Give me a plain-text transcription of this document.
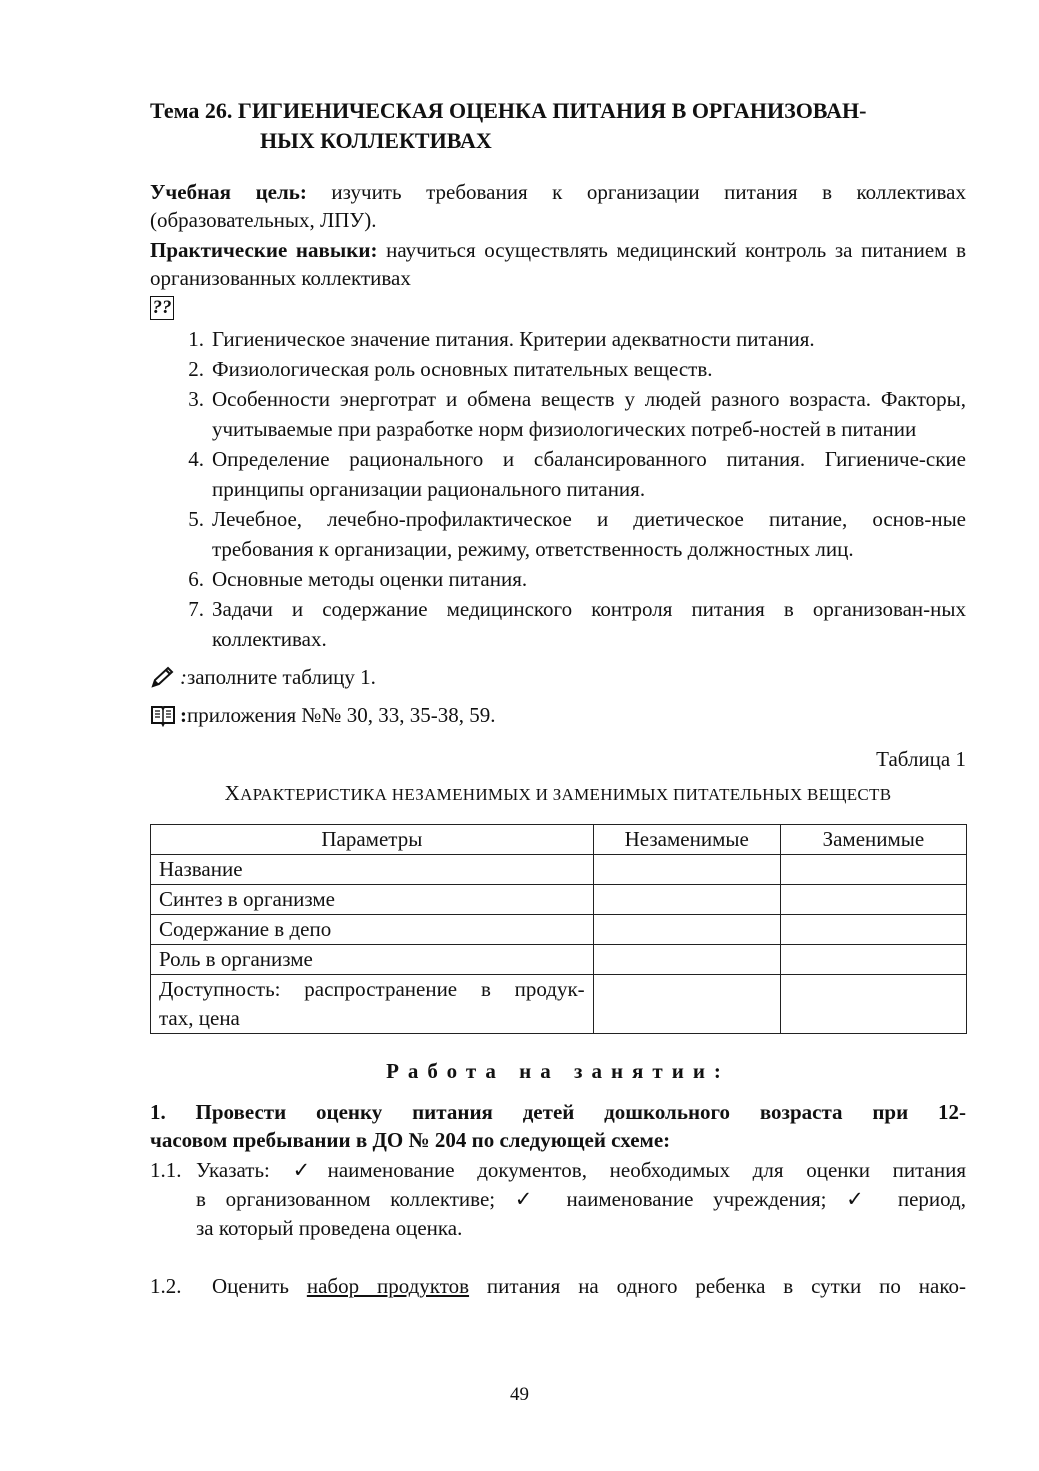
Тема 26. ГИГИЕНИЧЕСКАЯ ОЦЕНКА ПИТАНИЯ В ОРГАНИЗОВАН-
НЫХ КОЛЛЕКТИВАХ
Учебная цель: изучить требования к организации питания в коллективах (образовательных, ЛПУ).
Практические навыки: научиться осуществлять медицинский контроль за питанием в организованных коллективах
??
1. Гигиеническое значение питания. Критерии адекватности питания.
2. Физиологическая роль основных питательных веществ.
3. Особенности энерготрат и обмена веществ у людей разного возраста. Факторы, учитываемые при разработке норм физиологических потреб-ностей в питании
4. Определение рационального и сбалансированного питания. Гигиениче-ские принципы организации рационального питания.
5. Лечебное, лечебно-профилактическое и диетическое питание, основ-ные требования к организации, режиму, ответственность должностных лиц.
6. Основные методы оценки питания.
7. Задачи и содержание медицинского контроля питания в организован-ных коллективах.
: заполните таблицу 1.
: приложения №№ 30, 33, 35-38, 59.
Таблица 1
ХАРАКТЕРИСТИКА НЕЗАМЕНИМЫХ И ЗАМЕНИМЫХ ПИТАТЕЛЬНЫХ ВЕЩЕСТВ
Параметры	Незаменимые	Заменимые
Название		
Синтез в организме		
Содержание в депо		
Роль в организме		

Доступность: распространение в продук-
тах, цена		
Работа на занятии:
1. Провести оценку питания детей дошкольного возраста при 12-
часовом пребывании в ДО № 204 по следующей схеме:
1.1. Указать: ✓наименование документов, необходимых для оценки питания
в организованном коллективе; ✓ наименование учреждения; ✓ период,
за который проведена оценка.
1.2.	Оценить набор продуктов питания на одного ребенка в сутки по нако-
49
